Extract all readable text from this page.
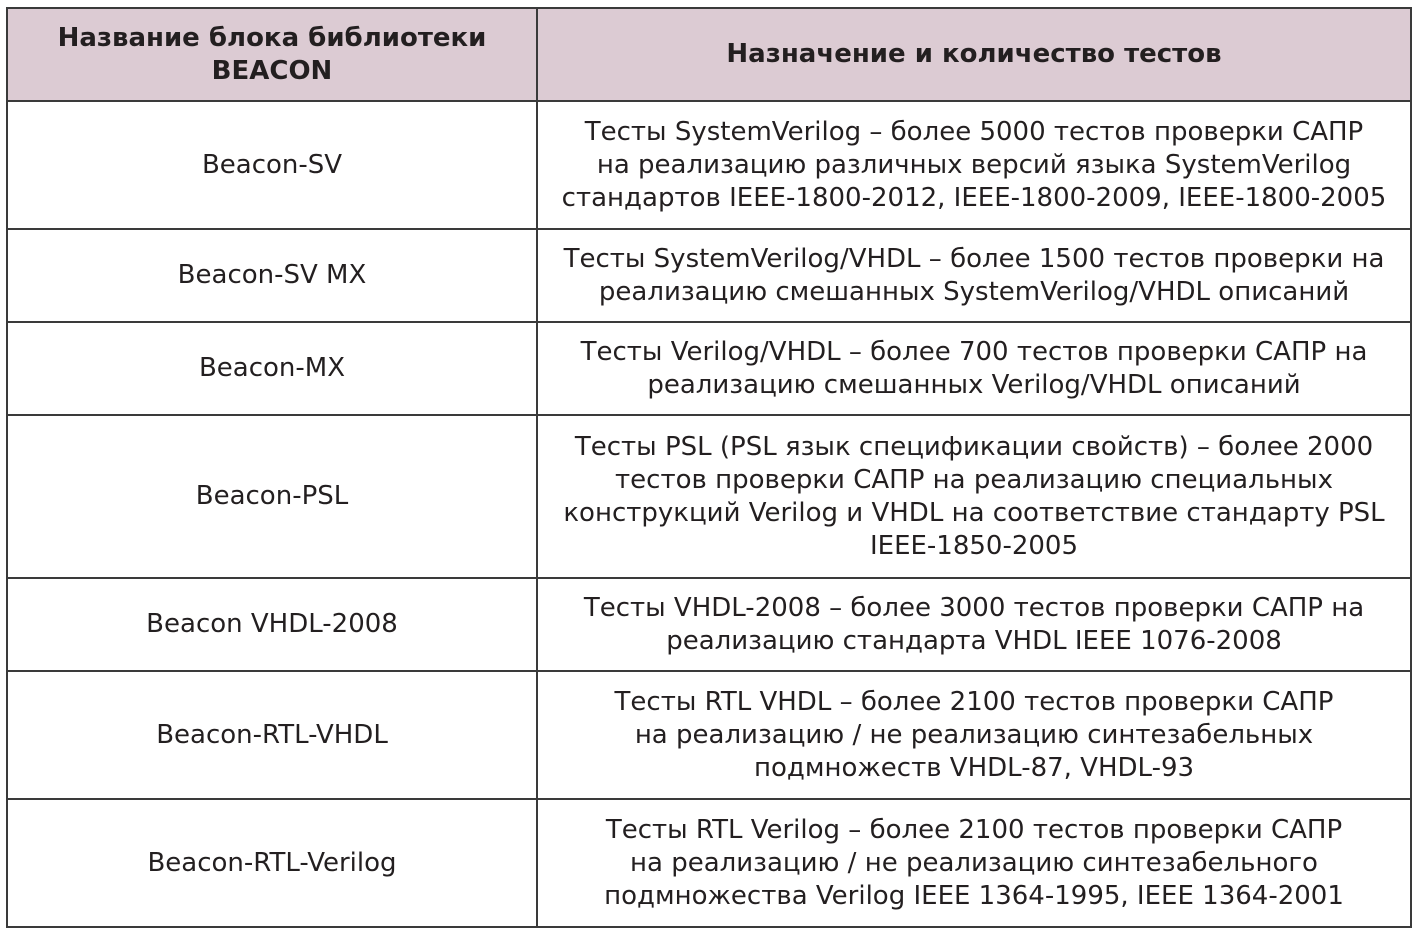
Название блока библиотеки
BEACON	Назначение и количество тестов

Beacon-SV	Тесты SystemVerilog – более 5000 тестов проверки САПР
на реализацию различных версий языка SystemVerilog
стандартов IEEE-1800-2012, IEEE-1800-2009, IEEE-1800-2005

Beacon-SV MX	Тесты SystemVerilog/VHDL – более 1500 тестов проверки на
реализацию смешанных SystemVerilog/VHDL описаний

Beacon-MX	Тесты Verilog/VHDL – более 700 тестов проверки САПР на
реализацию смешанных Verilog/VHDL описаний

Beacon-PSL	Тесты PSL (PSL язык спецификации свойств) – более 2000
тестов проверки САПР на реализацию специальных
конструкций Verilog и VHDL на соответствие стандарту PSL
IEEE-1850-2005

Beacon VHDL-2008	Тесты VHDL-2008 – более 3000 тестов проверки САПР на
реализацию стандарта VHDL IEEE 1076-2008

Beacon-RTL-VHDL	Тесты RTL VHDL – более 2100 тестов проверки САПР
на реализацию / не реализацию синтезабельных
подмножеств VHDL-87, VHDL-93

Beacon-RTL-Verilog	Тесты RTL Verilog – более 2100 тестов проверки САПР
на реализацию / не реализацию синтезабельного
подмножества Verilog IEEE 1364-1995, IEEE 1364-2001
